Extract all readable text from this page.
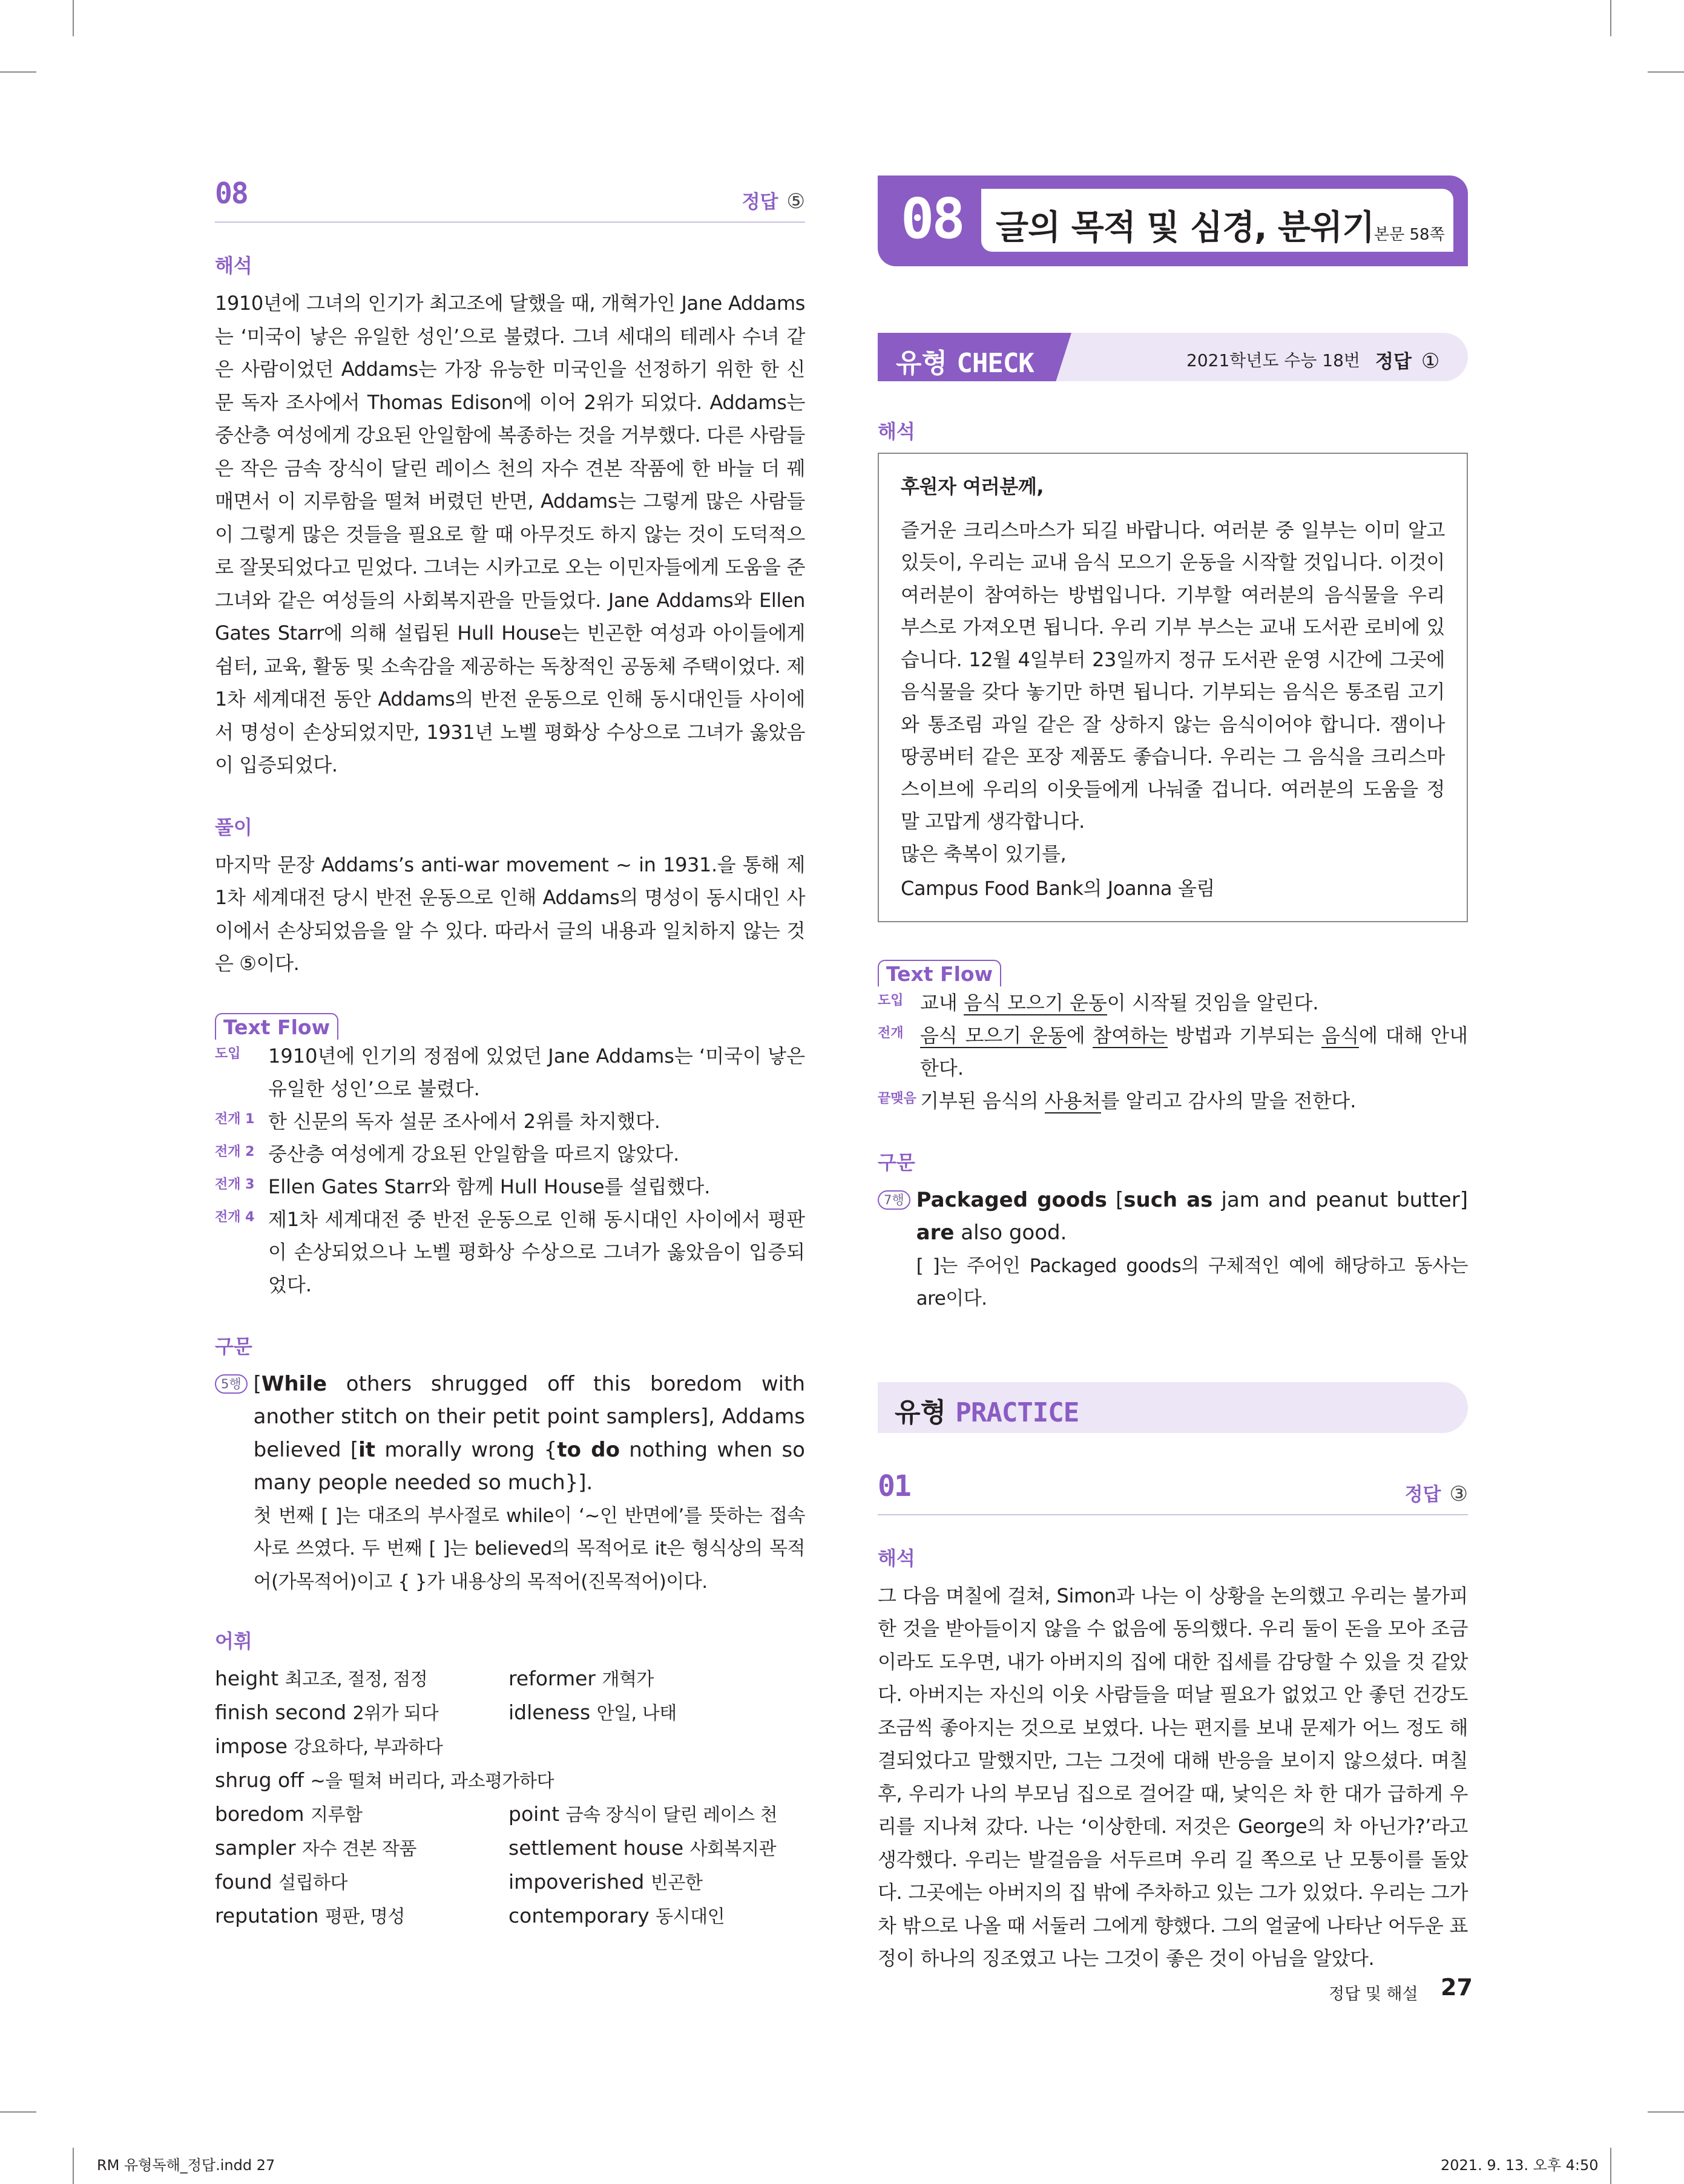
08	정답 ⑤
해석

1910년에 그녀의 인기가 최고조에 달했을 때, 개혁가인 Jane Addams는 ‘미국이 낳은 유일한 성인’으로 불렸다. 그녀 세대의 테레사 수녀 같은 사람이었던 Addams는 가장 유능한 미국인을 선정하기 위한 한 신문 독자 조사에서 Thomas Edison에 이어 2위가 되었다. Addams는 중산층 여성에게 강요된 안일함에 복종하는 것을 거부했다. 다른 사람들은 작은 금속 장식이 달린 레이스 천의 자수 견본 작품에 한 바늘 더 꿰매면서 이 지루함을 떨쳐 버렸던 반면, Addams는 그렇게 많은 사람들이 그렇게 많은 것들을 필요로 할 때 아무것도 하지 않는 것이 도덕적으로 잘못되었다고 믿었다. 그녀는 시카고로 오는 이민자들에게 도움을 준 그녀와 같은 여성들의 사회복지관을 만들었다. Jane Addams와 Ellen Gates Starr에 의해 설립된 Hull House는 빈곤한 여성과 아이들에게 쉼터, 교육, 활동 및 소속감을 제공하는 독창적인 공동체 주택이었다. 제1차 세계대전 동안 Addams의 반전 운동으로 인해 동시대인들 사이에서 명성이 손상되었지만, 1931년 노벨 평화상 수상으로 그녀가 옳았음이 입증되었다.

풀이

마지막 문장 Addams’s anti-war movement ~ in 1931.을 통해 제1차 세계대전 당시 반전 운동으로 인해 Addams의 명성이 동시대인 사이에서 손상되었음을 알 수 있다. 따라서 글의 내용과 일치하지 않는 것은 ⑤이다.

Text Flow
도입	1910년에 인기의 정점에 있었던 Jane Addams는 ‘미국이 낳은 유일한 성인’으로 불렸다.
전개 1 한 신문의 독자 설문 조사에서 2위를 차지했다.
전개 2 중산층 여성에게 강요된 안일함을 따르지 않았다.
전개 3 Ellen Gates Starr와 함께 Hull House를 설립했다.
전개 4 제1차 세계대전 중 반전 운동으로 인해 동시대인 사이에서 평판이 손상되었으나 노벨 평화상 수상으로 그녀가 옳았음이 입증되었다.
구문
5행 [While others shrugged off this boredom with another stitch on their petit point samplers], Addams believed [it morally wrong {to do nothing when so many people needed so much}].
첫 번째 [ ]는 대조의 부사절로 while이 ‘~인 반면에’를 뜻하는 접속사로 쓰였다. 두 번째 [ ]는 believed의 목적어로 it은 형식상의 목적어(가목적어)이고 { }가 내용상의 목적어(진목적어)이다.
어휘
height 최고조, 절정, 점정	reformer 개혁가
finish second 2위가 되다	idleness 안일, 나태
impose 강요하다, 부과하다
shrug off ~을 떨쳐 버리다, 과소평가하다
boredom 지루함	point 금속 장식이 달린 레이스 천
sampler 자수 견본 작품	settlement house 사회복지관
found 설립하다	impoverished 빈곤한
reputation 평판, 명성	contemporary 동시대인
08 글의 목적 및 심경, 분위기 본문 58쪽
유형 CHECK	2021학년도 수능 18번 정답 ①
해석
후원자 여러분께,
즐거운 크리스마스가 되길 바랍니다. 여러분 중 일부는 이미 알고 있듯이, 우리는 교내 음식 모으기 운동을 시작할 것입니다. 이것이 여러분이 참여하는 방법입니다. 기부할 여러분의 음식물을 우리 부스로 가져오면 됩니다. 우리 기부 부스는 교내 도서관 로비에 있습니다. 12월 4일부터 23일까지 정규 도서관 운영 시간에 그곳에 음식물을 갖다 놓기만 하면 됩니다. 기부되는 음식은 통조림 고기와 통조림 과일 같은 잘 상하지 않는 음식이어야 합니다. 잼이나 땅콩버터 같은 포장 제품도 좋습니다. 우리는 그 음식을 크리스마스이브에 우리의 이웃들에게 나눠줄 겁니다. 여러분의 도움을 정말 고맙게 생각합니다.
많은 축복이 있기를,
Campus Food Bank의 Joanna 올림
Text Flow
도입 교내 음식 모으기 운동이 시작될 것임을 알린다.
전개 음식 모으기 운동에 참여하는 방법과 기부되는 음식에 대해 안내한다.
끝맺음 기부된 음식의 사용처를 알리고 감사의 말을 전한다.
구문
7행 Packaged goods [such as jam and peanut butter] are also good.
[ ]는 주어인 Packaged goods의 구체적인 예에 해당하고 동사는 are이다.
유형 PRACTICE
01	정답 ③
해석

그 다음 며칠에 걸쳐, Simon과 나는 이 상황을 논의했고 우리는 불가피한 것을 받아들이지 않을 수 없음에 동의했다. 우리 둘이 돈을 모아 조금이라도 도우면, 내가 아버지의 집에 대한 집세를 감당할 수 있을 것 같았다. 아버지는 자신의 이웃 사람들을 떠날 필요가 없었고 안 좋던 건강도 조금씩 좋아지는 것으로 보였다. 나는 편지를 보내 문제가 어느 정도 해결되었다고 말했지만, 그는 그것에 대해 반응을 보이지 않으셨다. 며칠 후, 우리가 나의 부모님 집으로 걸어갈 때, 낯익은 차 한 대가 급하게 우리를 지나쳐 갔다. 나는 ‘이상한데. 저것은 George의 차 아닌가?’라고 생각했다. 우리는 발걸음을 서두르며 우리 길 쪽으로 난 모퉁이를 돌았다. 그곳에는 아버지의 집 밖에 주차하고 있는 그가 있었다. 우리는 그가 차 밖으로 나올 때 서둘러 그에게 향했다. 그의 얼굴에 나타난 어두운 표정이 하나의 징조였고 나는 그것이 좋은 것이 아님을 알았다.

정답 및 해설 27
RM 유형독해_정답.indd 27	2021. 9. 13. 오후 4:50
